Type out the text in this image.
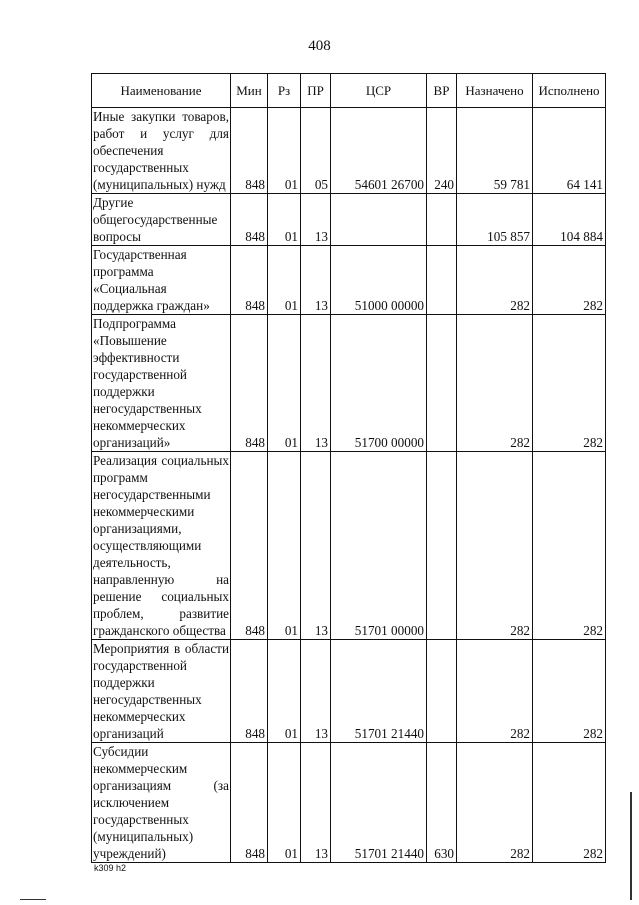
408
Наименование	Мин	Рз	ПР	ЦСР	ВР	Назначено	Исполнено
Иные закупки товаров, работ и услуг для обеспечения государственных (муниципальных) нужд	848	01	05	54601 26700	240	59 781	64 141
Другие общегосударственные вопросы	848	01	13			105 857	104 884
Государственная программа «Социальная поддержка граждан»	848	01	13	51000 00000		282	282
Подпрограмма «Повышение эффективности государственной поддержки негосударственных некоммерческих организаций»	848	01	13	51700 00000		282	282
Реализация социальных программ негосударственными некоммерческими организациями, осуществляющими деятельность, направленную на решение социальных проблем, развитие гражданского общества	848	01	13	51701 00000		282	282
Мероприятия в области государственной поддержки негосударственных некоммерческих организаций	848	01	13	51701 21440		282	282
Субсидии некоммерческим организациям (за исключением государственных (муниципальных) учреждений)	848	01	13	51701 21440	630	282	282
k309 h2
